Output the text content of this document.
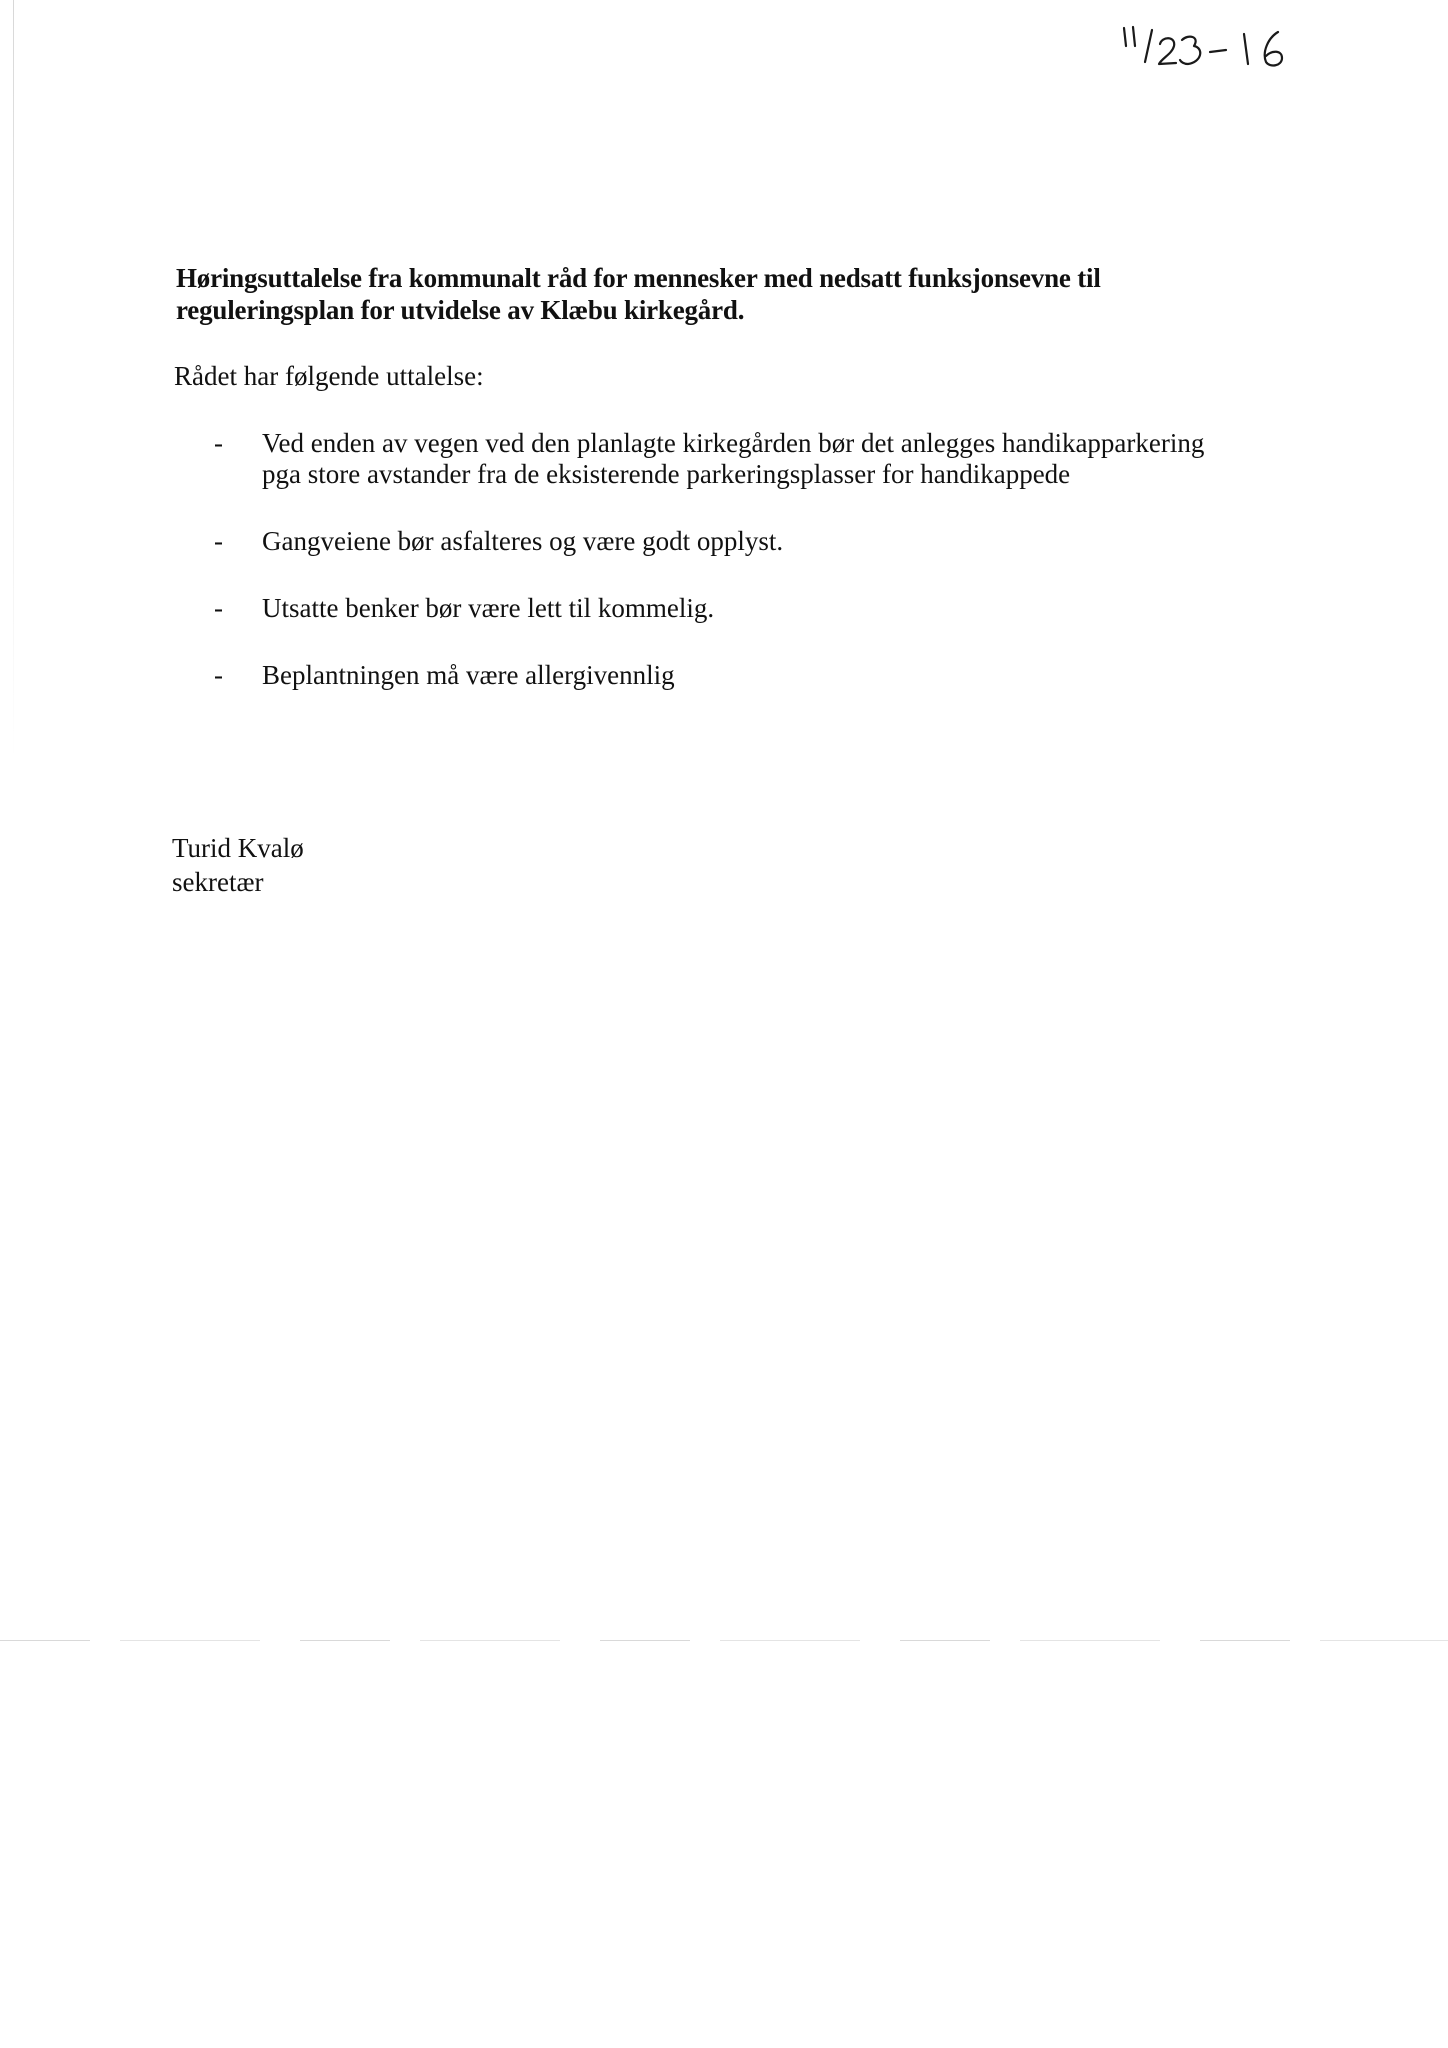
Høringsuttalelse fra kommunalt råd for mennesker med nedsatt funksjonsevne til reguleringsplan for utvidelse av Klæbu kirkegård.
Rådet har følgende uttalelse:
- Ved enden av vegen ved den planlagte kirkegården bør det anlegges handikapparkering pga store avstander fra de eksisterende parkeringsplasser for handikappede
- Gangveiene bør asfalteres og være godt opplyst.
- Utsatte benker bør være lett til kommelig.
- Beplantningen må være allergivennlig
Turid Kvalø
sekretær
